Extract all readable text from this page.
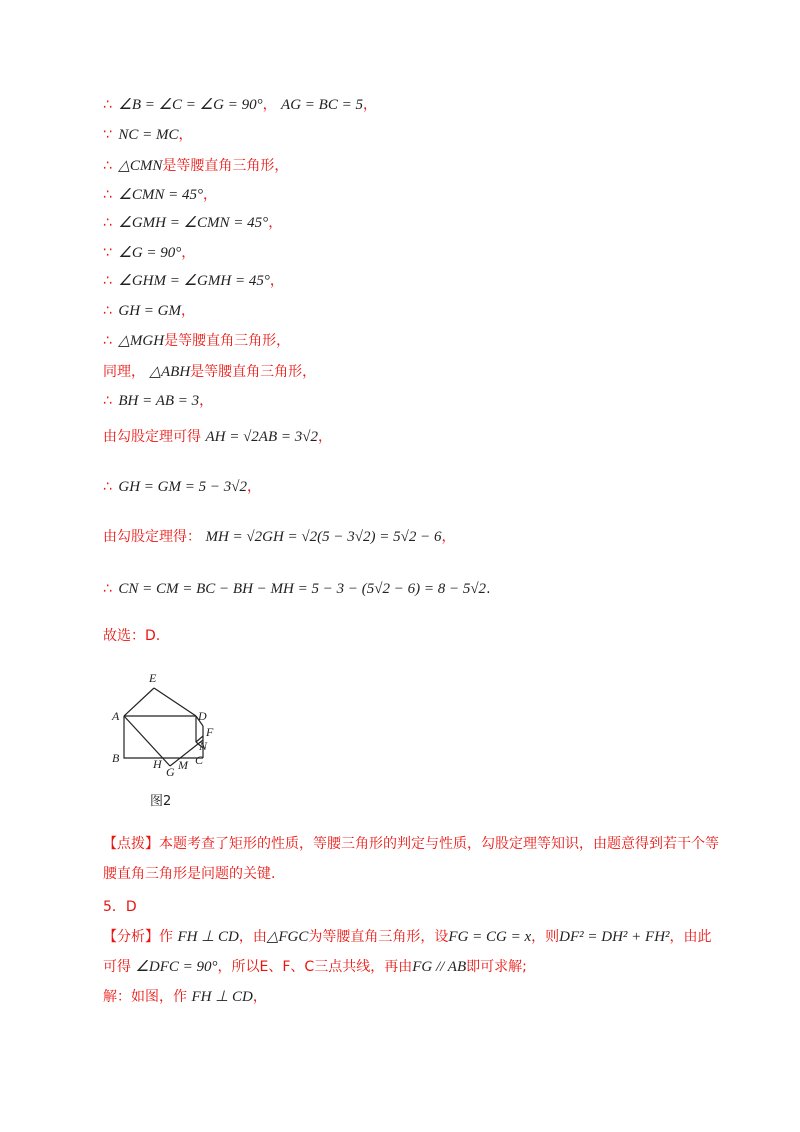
∴ ∠B = ∠C = ∠G = 90°， AG = BC = 5，
∵ NC = MC，
∴ △CMN是等腰直角三角形，
∴ ∠CMN = 45°，
∴ ∠GMH = ∠CMN = 45°，
∵ ∠G = 90°，
∴ ∠GHM = ∠GMH = 45°，
∴ GH = GM，
∴ △MGH是等腰直角三角形，
同理， △ABH是等腰直角三角形，
∴ BH = AB = 3，
由勾股定理可得 AH = √2AB = 3√2，
∴ GH = GM = 5 − 3√2，
由勾股定理得： MH = √2GH = √2(5 − 3√2) = 5√2 − 6，
∴ CN = CM = BC − BH − MH = 5 − 3 − (5√2 − 6) = 8 − 5√2.
故选：D.
E
A	D
F
N
B	H
G M C
图2
【点拨】本题考查了矩形的性质，等腰三角形的判定与性质，勾股定理等知识，由题意得到若干个等腰直角三角形是问题的关键.
5．D
【分析】作 FH ⊥ CD，由△FGC为等腰直角三角形，设FG = CG = x，则DF² = DH² + FH²，由此
可得 ∠DFC = 90°，所以E、F、C三点共线，再由FG // AB即可求解;
解：如图，作 FH ⊥ CD，
